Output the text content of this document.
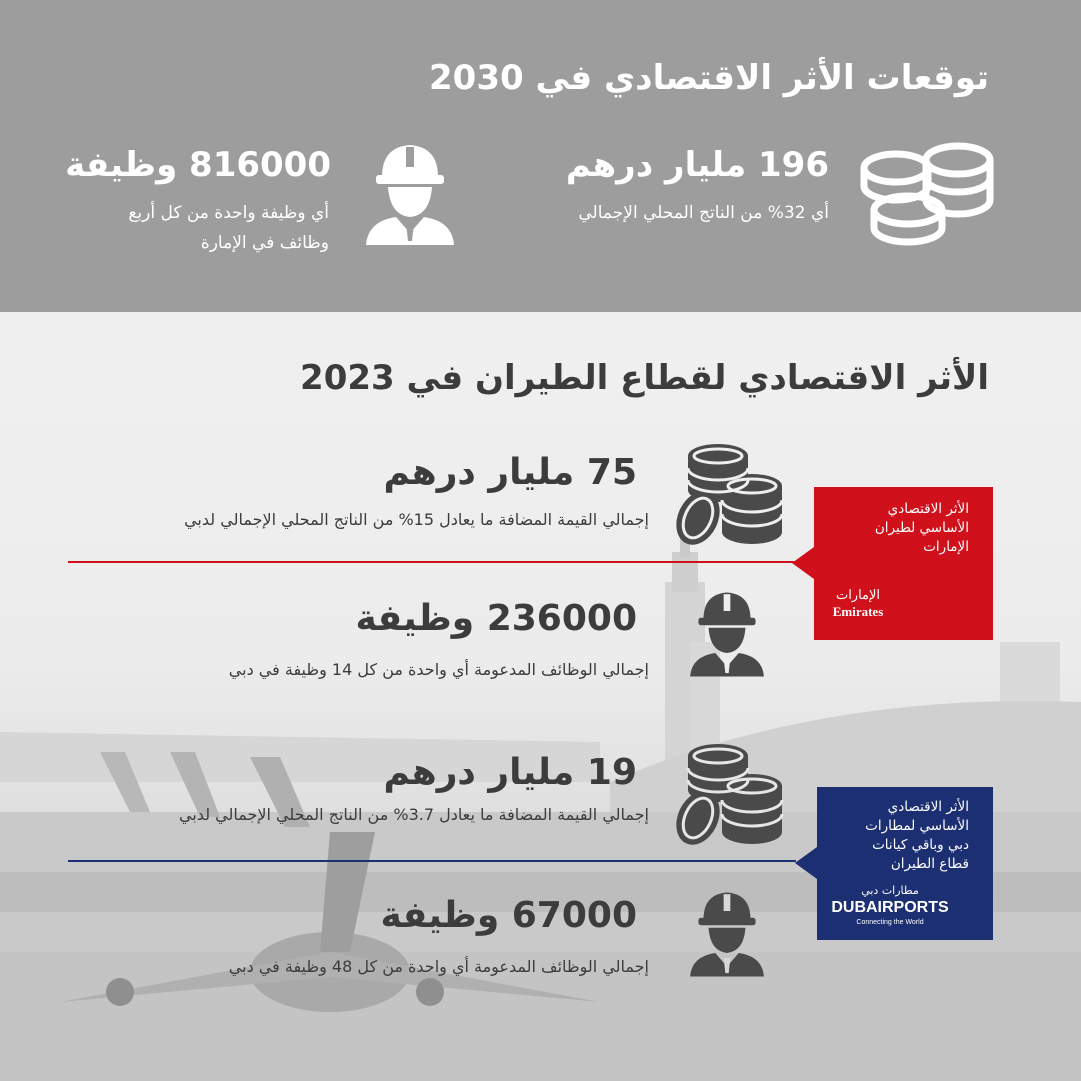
توقعات الأثر الاقتصادي في 2030
196 مليار درهم
أي 32% من الناتج المحلي الإجمالي
816000 وظيفة
أي وظيفة واحدة من كل أربع
وظائف في الإمارة
الأثر الاقتصادي لقطاع الطيران في 2023
75 مليار درهم
إجمالي القيمة المضافة ما يعادل 15% من الناتج المحلي الإجمالي لدبي
236000 وظيفة
إجمالي الوظائف المدعومة أي واحدة من كل 14 وظيفة في دبي
الأثر الاقتصادي
الأساسي لطيران
الإمارات
الإمارات
Emirates
19 مليار درهم
إجمالي القيمة المضافة ما يعادل 3.7% من الناتج المحلي الإجمالي لدبي
67000 وظيفة
إجمالي الوظائف المدعومة أي واحدة من كل 48 وظيفة في دبي
الأثر الاقتصادي
الأساسي لمطارات
دبي وباقي كيانات
قطاع الطيران
مطارات دبي
DUBAIRPORTS
Connecting the World
